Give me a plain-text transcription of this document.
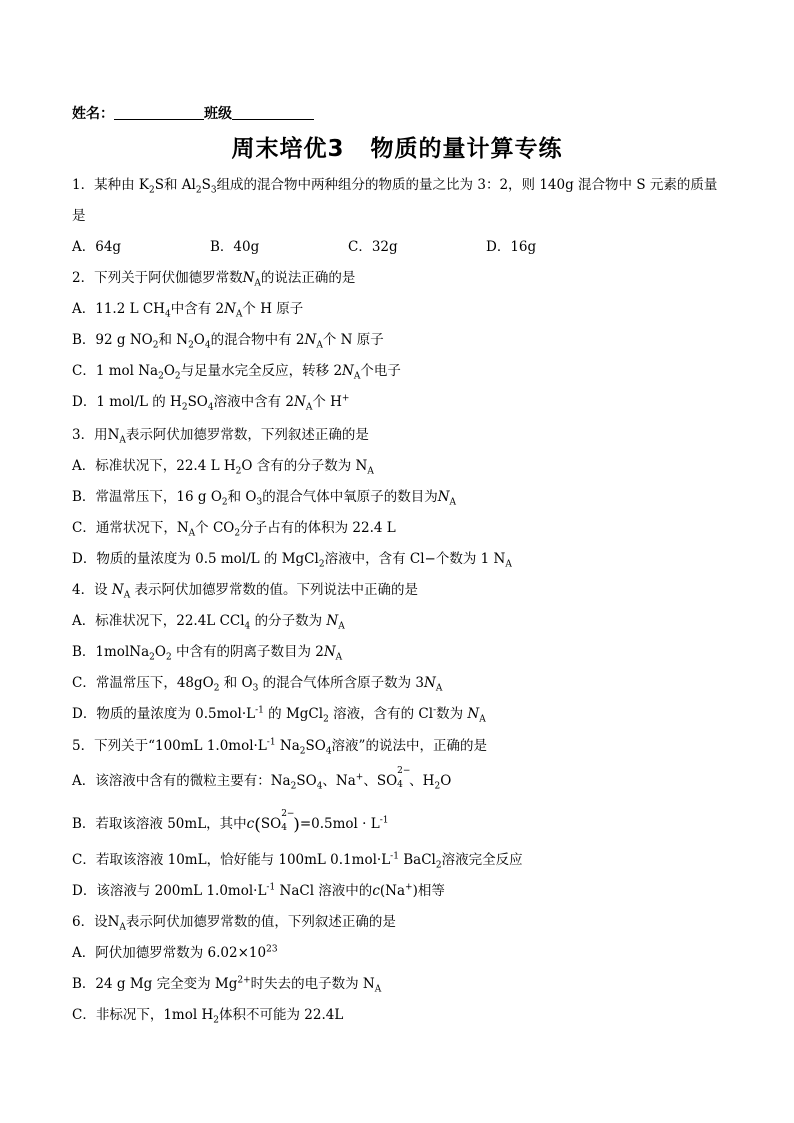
姓名：	班级
周末培优3 物质的量计算专练
1．某种由 $K_2S$和 $Al_2S_3$组成的混合物中两种组分的物质的量之比为 3：2，则 140g 混合物中 S 元素的质量
是
A．64g	B．40g	C．32g	D．16g
2．下列关于阿伏伽德罗常数$N_A$的说法正确的是
A．11.2 L $CH_4$中含有 $2N_A$个 H 原子
B．92 g $NO_2$和 $N_2O_4$的混合物中有 $2N_A$个 N 原子
C．1 mol $Na_2O_2$与足量水完全反应，转移 $2N_A$个电子
D．1 mol/L 的 $H_2SO_4$溶液中含有 $2N_A$个 H+
3．用$N_A$表示阿伏加德罗常数，下列叙述正确的是
A．标准状况下，22.4 L $H_2O$ 含有的分子数为 $N_A$
B．常温常压下，16 g $O_2$和 $O_3$的混合气体中氧原子的数目为$N_A$
C．通常状况下，$N_A$个 $CO_2$分子占有的体积为 22.4 L
D．物质的量浓度为 0.5 mol/L 的 MgCl$_2$溶液中，含有 Cl−个数为 1 $N_A$
4．设 $N_A$ 表示阿伏加德罗常数的值。下列说法中正确的是
A．标准状况下，22.4L CCl$_4$ 的分子数为 $N_A$
B．$1molNa_2O_2$ 中含有的阴离子数目为 $2N_A$
C．常温常压下，$48gO_2$ 和 $O_3$ 的混合气体所含原子数为 $3N_A$
D．物质的量浓度为 $0.5mol\cdot L^{-1}$ 的 MgCl$_2$ 溶液，含有的 Cl-数为 $N_A$
5．下列关于“100mL $1.0mol\cdot L^{-1}$ $Na_2SO_4$溶液”的说法中，正确的是
A．该溶液中含有的微粒主要有：$Na_2SO_4$、Na+、SO
2−
4 、$H_2O$
B．若取该溶液 50mL，其中c(SO
2−
4 )$=0.5mol \cdot L^{-1}$
C．若取该溶液 10mL，恰好能与 100mL $0.1mol\cdot L^{-1}$ BaCl$_2$溶液完全反应
D．该溶液与 200mL $1.0mol\cdot L^{-1}$ NaCl 溶液中的c(Na+)相等
6．设$N_A$表示阿伏加德罗常数的值，下列叙述正确的是
A．阿伏加德罗常数为 $6.02\times 10^{23}$
B．24 g Mg 完全变为 $Mg^{2+}$时失去的电子数为 $N_A$
C．非标况下，1mol $H_2$体积不可能为 22.4L
